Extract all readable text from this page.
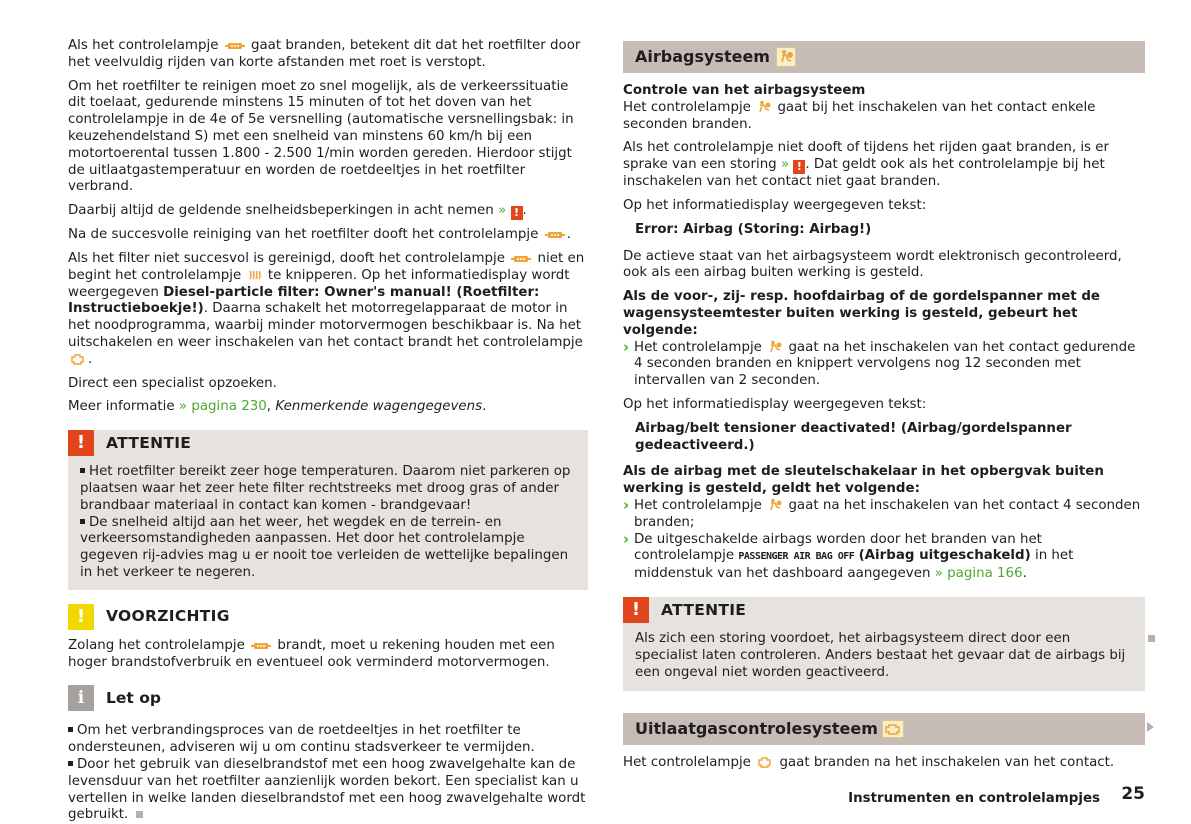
Als het controlelampje gaat branden, betekent dit dat het roetfilter door het veelvuldig rijden van korte afstanden met roet is verstopt.

Om het roetfilter te reinigen moet zo snel mogelijk, als de verkeerssituatie dit toelaat, gedurende minstens 15 minuten of tot het doven van het controlelampje in de 4e of 5e versnelling (automatische versnellingsbak: in keuzehendelstand S) met een snelheid van minstens 60 km/h bij een motortoerental tussen 1.800 - 2.500 1/min worden gereden. Hierdoor stijgt de uitlaatgastemperatuur en worden de roetdeeltjes in het roetfilter verbrand.

Daarbij altijd de geldende snelheidsbeperkingen in acht nemen » ! .

Na de succesvolle reiniging van het roetfilter dooft het controlelampje .

Als het filter niet succesvol is gereinigd, dooft het controlelampje niet en begint het controlelampje te knipperen. Op het informatiedisplay wordt weergegeven Diesel-particle filter: Owner's manual! (Roetfilter: Instructieboekje!). Daarna schakelt het motorregelapparaat de motor in het noodprogramma, waarbij minder motorvermogen beschikbaar is. Na het uitschakelen en weer inschakelen van het contact brandt het controlelampje .

Direct een specialist opzoeken.

Meer informatie » pagina 230, Kenmerkende wagengegevens.

!	ATTENTIE
Het roetfilter bereikt zeer hoge temperaturen. Daarom niet parkeren op plaatsen waar het zeer hete filter rechtstreeks met droog gras of ander brandbaar materiaal in contact kan komen - brandgevaar!
De snelheid altijd aan het weer, het wegdek en de terrein- en verkeersomstandigheden aanpassen. Het door het controlelampje gegeven rij-advies mag u er nooit toe verleiden de wettelijke bepalingen in het verkeer te negeren.
!	VOORZICHTIG

Zolang het controlelampje brandt, moet u rekening houden met een hoger brandstofverbruik en eventueel ook verminderd motorvermogen.

i	Let op
Om het verbrandingsproces van de roetdeeltjes in het roetfilter te ondersteunen, adviseren wij u om continu stadsverkeer te vermijden.
Door het gebruik van dieselbrandstof met een hoog zwavelgehalte kan de levensduur van het roetfilter aanzienlijk worden bekort. Een specialist kan u vertellen in welke landen dieselbrandstof met een hoog zwavelgehalte wordt gebruikt.
Airbagsysteem
Controle van het airbagsysteem

Het controlelampje gaat bij het inschakelen van het contact enkele seconden branden.

Als het controlelampje niet dooft of tijdens het rijden gaat branden, is er sprake van een storing » ! . Dat geldt ook als het controlelampje bij het inschakelen van het contact niet gaat branden.

Op het informatiedisplay weergegeven tekst:

Error: Airbag (Storing: Airbag!)

De actieve staat van het airbagsysteem wordt elektronisch gecontroleerd, ook als een airbag buiten werking is gesteld.

Als de voor-, zij- resp. hoofdairbag of de gordelspanner met de wagensysteemtester buiten werking is gesteld, gebeurt het volgende:

› Het controlelampje gaat na het inschakelen van het contact gedurende 4 seconden branden en knippert vervolgens nog 12 seconden met intervallen van 2 seconden.

Op het informatiedisplay weergegeven tekst:

Airbag/belt tensioner deactivated! (Airbag/gordelspanner gedeactiveerd.)

Als de airbag met de sleutelschakelaar in het opbergvak buiten werking is gesteld, geldt het volgende:

› Het controlelampje gaat na het inschakelen van het contact 4 seconden branden;

› De uitgeschakelde airbags worden door het branden van het controlelampje PASSENGER AIR BAG OFF (Airbag uitgeschakeld) in het middenstuk van het dashboard aangegeven » pagina 166.

!	ATTENTIE
Als zich een storing voordoet, het airbagsysteem direct door een specialist laten controleren. Anders bestaat het gevaar dat de airbags bij een ongeval niet worden geactiveerd.
Uitlaatgascontrolesysteem

Het controlelampje gaat branden na het inschakelen van het contact.

Instrumenten en controlelampjes 25
